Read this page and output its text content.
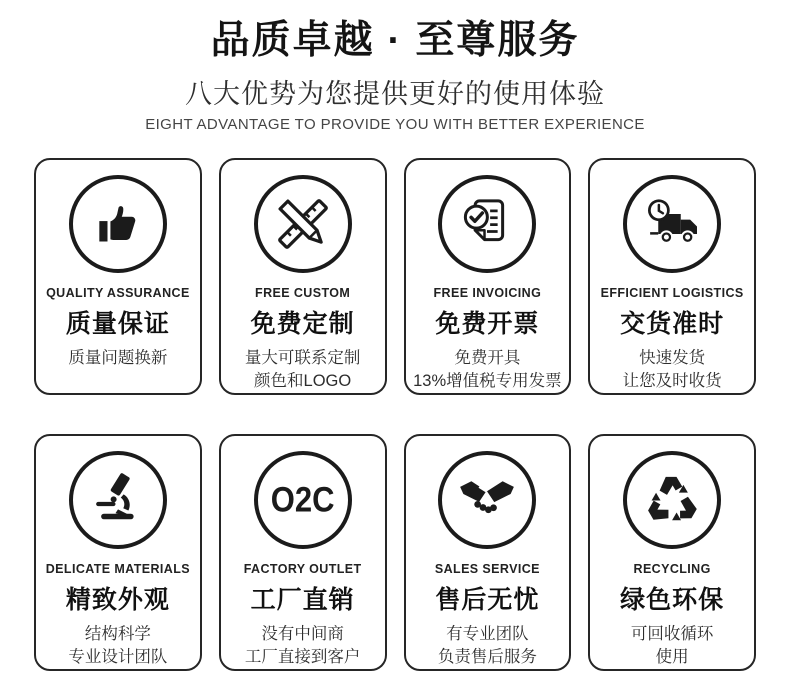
品质卓越 · 至尊服务
八大优势为您提供更好的使用体验
EIGHT ADVANTAGE TO PROVIDE YOU WITH BETTER EXPERIENCE
QUALITY ASSURANCE
质量保证
质量问题换新
FREE CUSTOM
免费定制
量大可联系定制
颜色和LOGO
FREE INVOICING
免费开票
免费开具
13%增值税专用发票
EFFICIENT LOGISTICS
交货准时
快速发货
让您及时收货
DELICATE MATERIALS
精致外观
结构科学
专业设计团队
O2C
FACTORY OUTLET
工厂直销
没有中间商
工厂直接到客户
SALES SERVICE
售后无忧
有专业团队
负责售后服务
RECYCLING
绿色环保
可回收循环
使用
